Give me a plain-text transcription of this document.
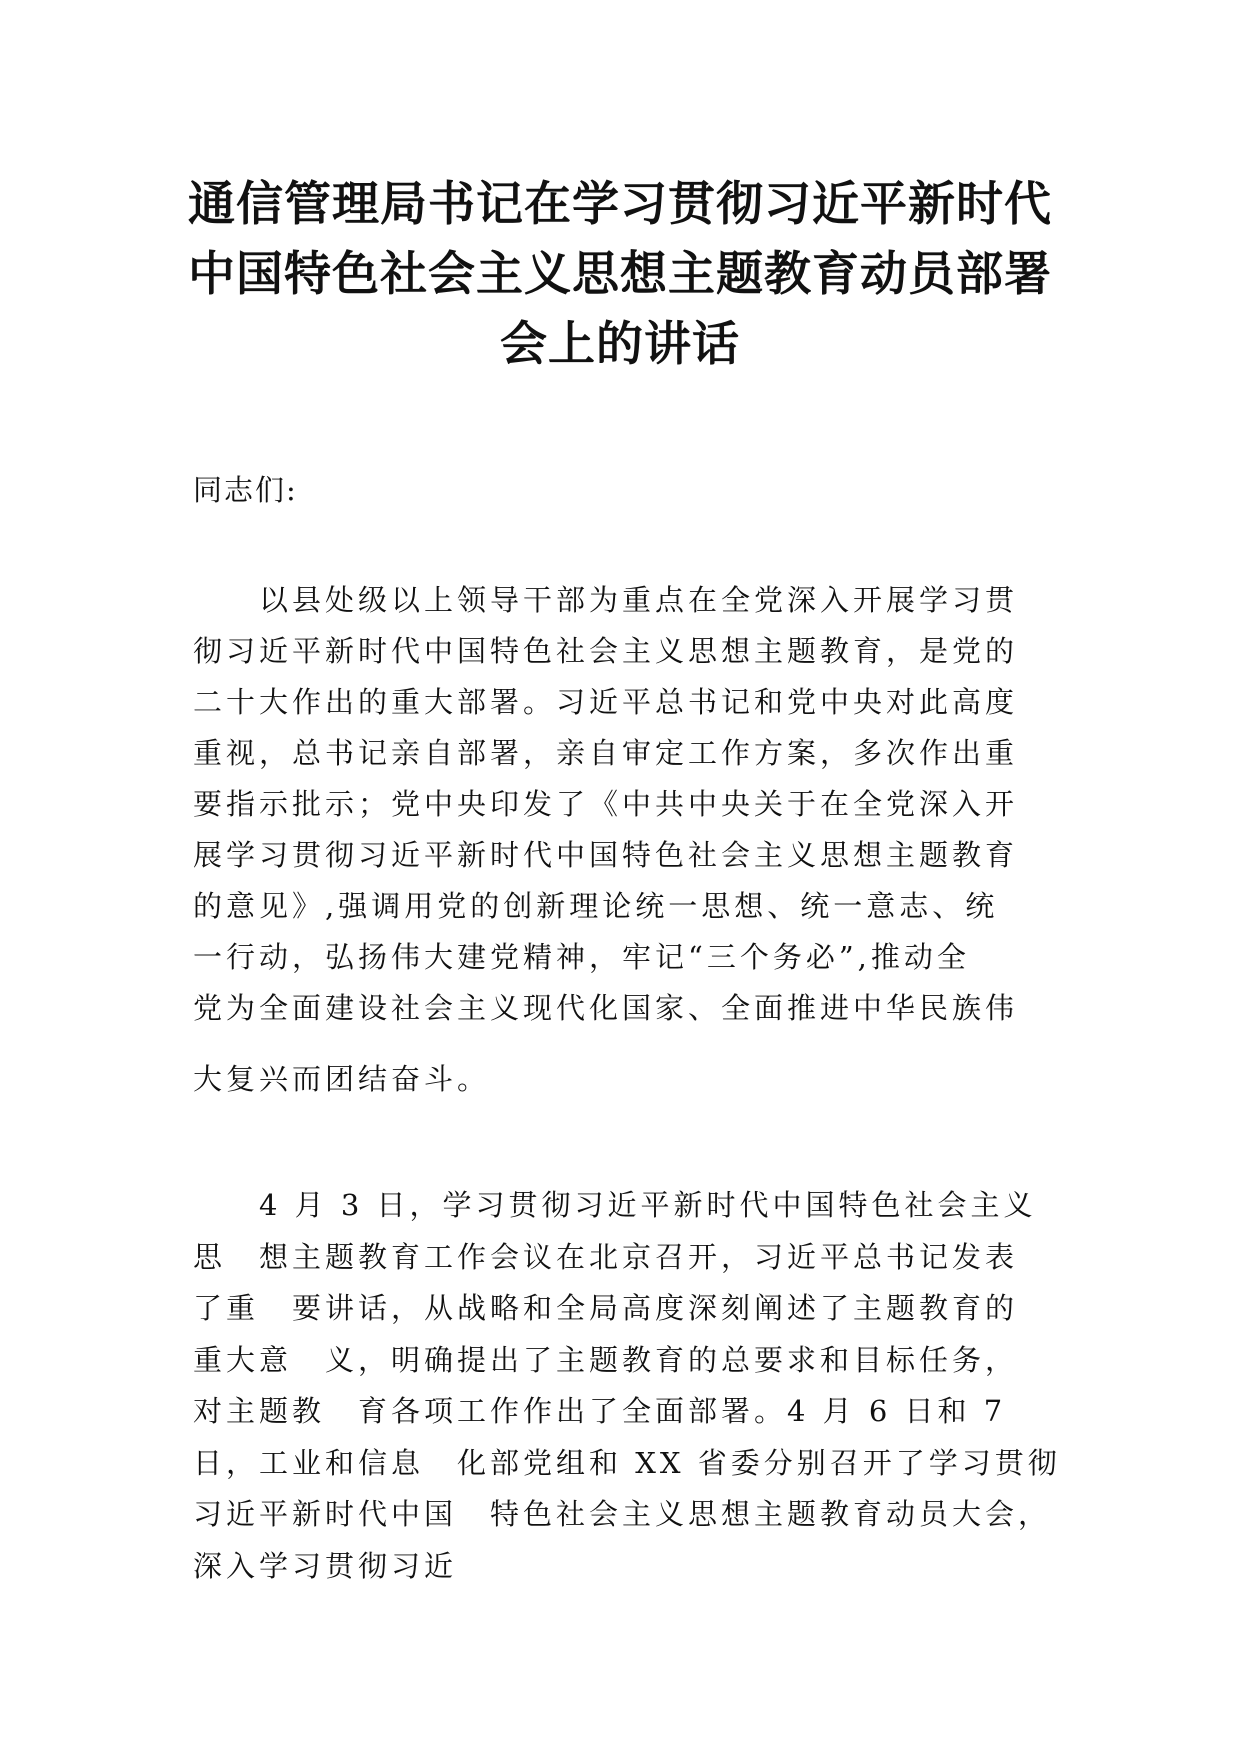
通信管理局书记在学习贯彻习近平新时代
中国特色社会主义思想主题教育动员部署
会上的讲话
同志们:
　　以县处级以上领导干部为重点在全党深入开展学习贯
彻习近平新时代中国特色社会主义思想主题教育，是党的
二十大作出的重大部署。习近平总书记和党中央对此高度
重视，总书记亲自部署，亲自审定工作方案，多次作出重
要指示批示；党中央印发了《中共中央关于在全党深入开
展学习贯彻习近平新时代中国特色社会主义思想主题教育
的意见》,强调用党的创新理论统一思想、统一意志、统
一行动，弘扬伟大建党精神，牢记“三个务必”,推动全
党为全面建设社会主义现代化国家、全面推进中华民族伟
大复兴而团结奋斗。
　　4 月 3 日，学习贯彻习近平新时代中国特色社会主义
思　想主题教育工作会议在北京召开，习近平总书记发表
了重　要讲话，从战略和全局高度深刻阐述了主题教育的
重大意　义，明确提出了主题教育的总要求和目标任务，
对主题教　育各项工作作出了全面部署。4 月 6 日和 7
日，工业和信息　化部党组和 XX 省委分别召开了学习贯彻
习近平新时代中国　特色社会主义思想主题教育动员大会，
深入学习贯彻习近
